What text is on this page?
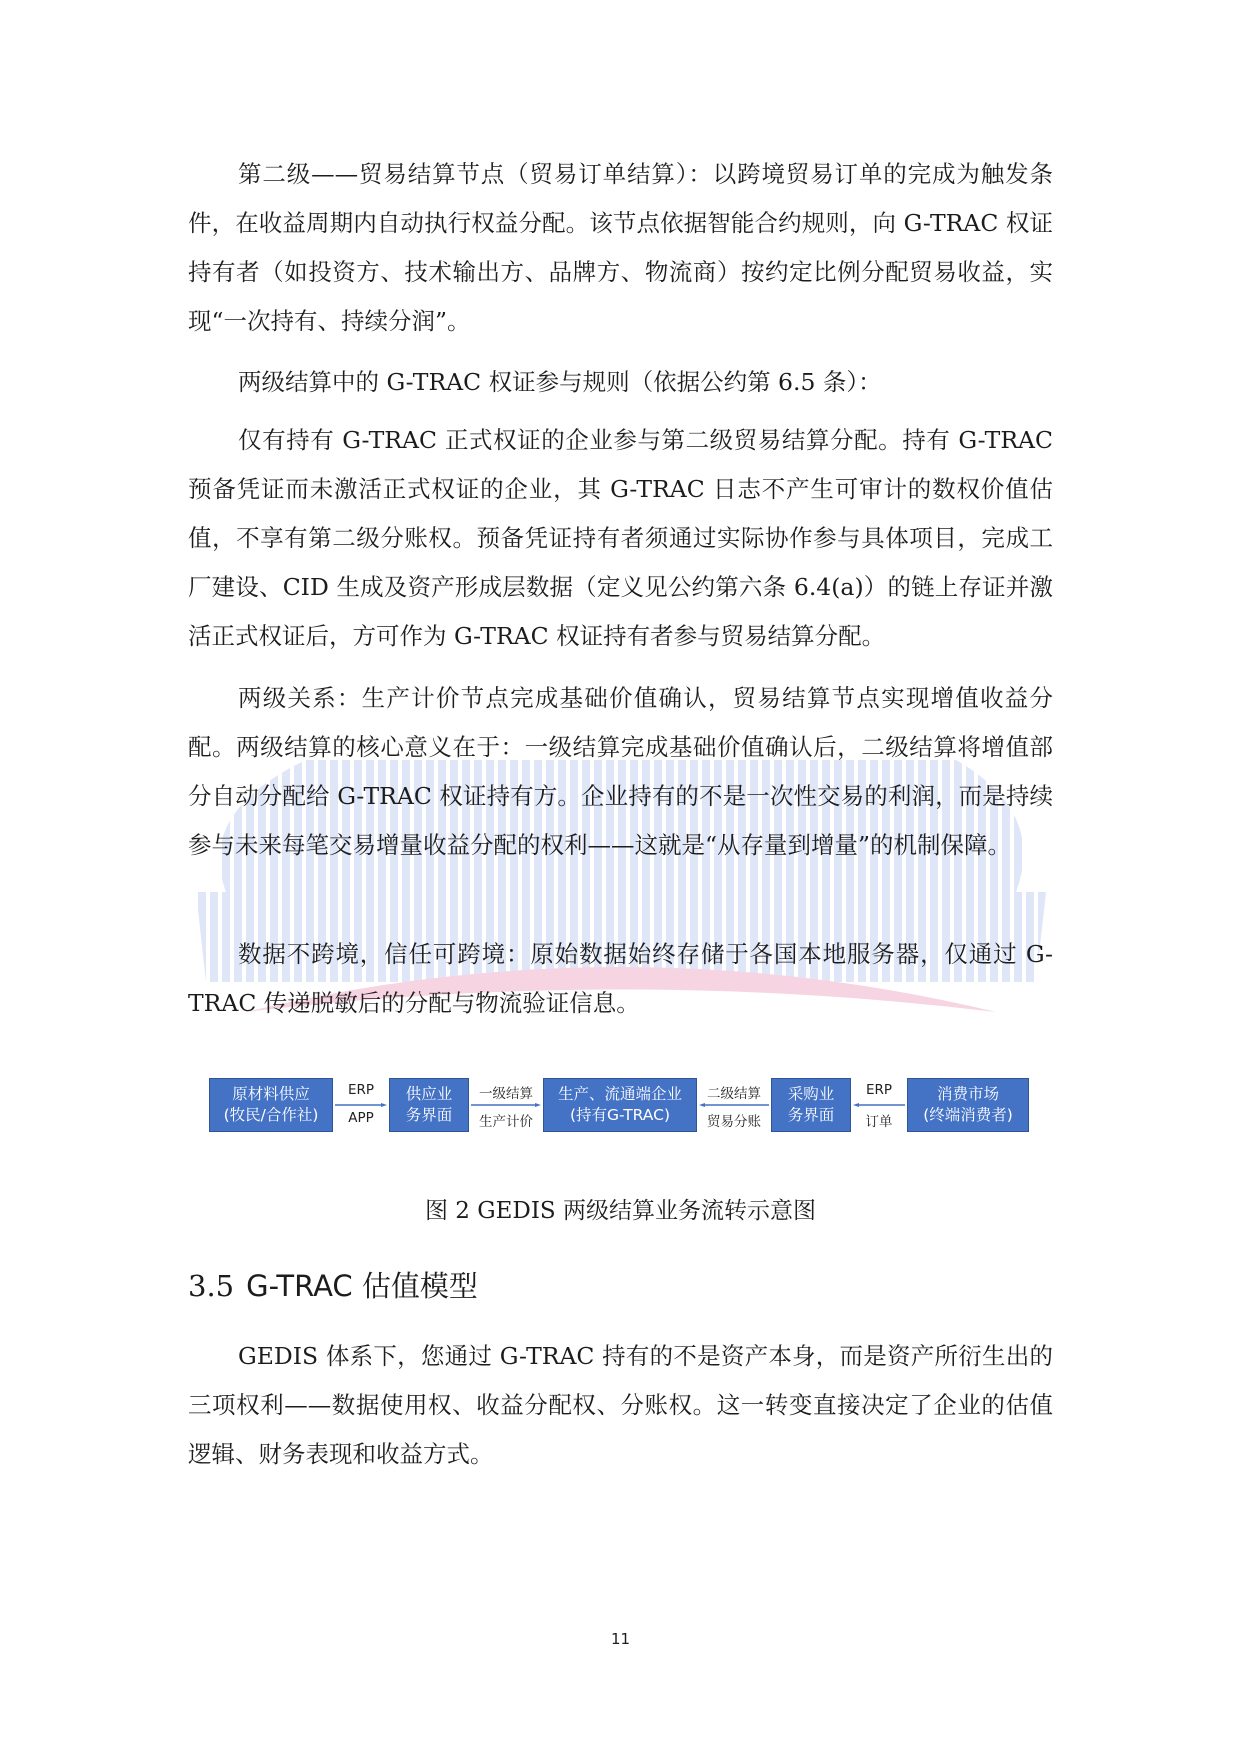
第二级——贸易结算节点（贸易订单结算）：以跨境贸易订单的完成为触发条件，在收益周期内自动执行权益分配。该节点依据智能合约规则，向 G-TRAC 权证持有者（如投资方、技术输出方、品牌方、物流商）按约定比例分配贸易收益，实现“一次持有、持续分润”。

两级结算中的 G-TRAC 权证参与规则（依据公约第 6.5 条）：

仅有持有 G-TRAC 正式权证的企业参与第二级贸易结算分配。持有 G-TRAC 预备凭证而未激活正式权证的企业，其 G-TRAC 日志不产生可审计的数权价值估值，不享有第二级分账权。预备凭证持有者须通过实际协作参与具体项目，完成工厂建设、CID 生成及资产形成层数据（定义见公约第六条 6.4(a)）的链上存证并激活正式权证后，方可作为 G-TRAC 权证持有者参与贸易结算分配。

两级关系：生产计价节点完成基础价值确认，贸易结算节点实现增值收益分配。两级结算的核心意义在于：一级结算完成基础价值确认后，二级结算将增值部分自动分配给 G-TRAC 权证持有方。企业持有的不是一次性交易的利润，而是持续参与未来每笔交易增量收益分配的权利——这就是“从存量到增量”的机制保障。

数据不跨境，信任可跨境：原始数据始终存储于各国本地服务器，仅通过 G-TRAC 传递脱敏后的分配与物流验证信息。

原材料供应
(牧民/合作社)
ERP
APP
供应业
务界面
一级结算
生产计价
生产、流通端企业
(持有G-TRAC)
二级结算
贸易分账
采购业
务界面
ERP
订单
消费市场
(终端消费者)
图 2 GEDIS 两级结算业务流转示意图
3.5 G-TRAC 估值模型

GEDIS 体系下，您通过 G-TRAC 持有的不是资产本身，而是资产所衍生出的三项权利——数据使用权、收益分配权、分账权。这一转变直接决定了企业的估值逻辑、财务表现和收益方式。

11
